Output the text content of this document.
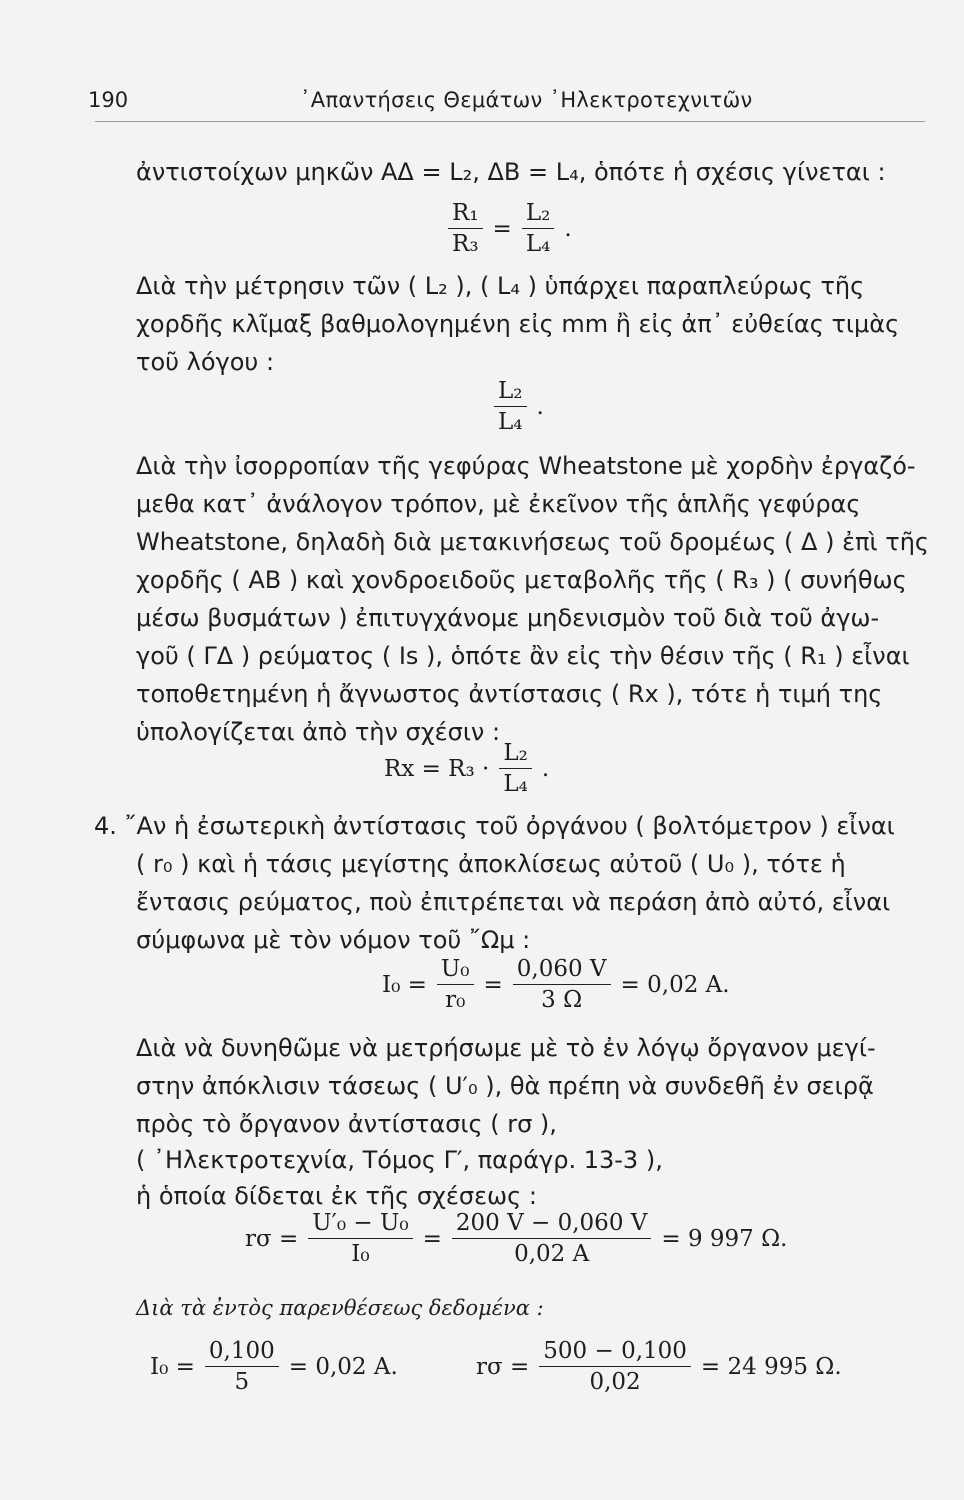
190	᾿Απαντήσεις Θεμάτων ᾿Ηλεκτροτεχνιτῶν
ἀντιστοίχων μηκῶν ΑΔ = L₂, ΔΒ = L₄, ὁπότε ἡ σχέσις γίνεται :
$\frac{\text{R₁}}{\text{R₃}} = \frac{\text{L₂}}{\text{L₄}}$ .
Διὰ τὴν μέτρησιν τῶν ( L₂ ), ( L₄ ) ὑπάρχει παραπλεύρως τῆς
χορδῆς κλῖμαξ βαθμολογημένη εἰς mm ἢ εἰς ἀπ᾿ εὐθείας τιμὰς
τοῦ λόγου :
$\frac{\text{L₂}}{\text{L₄}}$ .
Διὰ τὴν ἰσορροπίαν τῆς γεφύρας Wheatstone μὲ χορδὴν ἐργαζό-
μεθα κατ᾿ ἀνάλογον τρόπον, μὲ ἐκεῖνον τῆς ἁπλῆς γεφύρας
Wheatstone, δηλαδὴ διὰ μετακινήσεως τοῦ δρομέως ( Δ ) ἐπὶ τῆς
χορδῆς ( ΑΒ ) καὶ χονδροειδοῦς μεταβολῆς τῆς ( R₃ ) ( συνήθως
μέσω βυσμάτων ) ἐπιτυγχάνομε μηδενισμὸν τοῦ διὰ τοῦ ἀγω-
γοῦ ( ΓΔ ) ρεύματος ( Is ), ὁπότε ἂν εἰς τὴν θέσιν τῆς ( R₁ ) εἶναι
τοποθετημένη ἡ ἄγνωστος ἀντίστασις ( Rx ), τότε ἡ τιμή της
ὑπολογίζεται ἀπὸ τὴν σχέσιν :
$Rx = R_3 \cdot \frac{\text{L₂}}{\text{L₄}}$ .
4. ῎Αν ἡ ἐσωτερικὴ ἀντίστασις τοῦ ὀργάνου ( βολτόμετρον ) εἶναι
( r₀ ) καὶ ἡ τάσις μεγίστης ἀποκλίσεως αὐτοῦ ( U₀ ), τότε ἡ
ἔντασις ρεύματος, ποὺ ἐπιτρέπεται νὰ περάση ἀπὸ αὐτό, εἶναι
σύμφωνα μὲ τὸν νόμον τοῦ ῎Ωμ :
$I_0 = \frac{\text{U₀}}{\text{r₀}} = \frac{0,060 V}{3 \Omega} = 0,02$ A.
Διὰ νὰ δυνηθῶμε νὰ μετρήσωμε μὲ τὸ ἐν λόγῳ ὄργανον μεγί-
στην ἀπόκλισιν τάσεως ( U′₀ ), θὰ πρέπη νὰ συνδεθῆ ἐν σειρᾷ
πρὸς τὸ ὄργανον ἀντίστασις ( rσ ),
( ᾿Ηλεκτροτεχνία, Τόμος Γ′, παράγρ. 13-3 ),
ἡ ὁποία δίδεται ἐκ τῆς σχέσεως :
$r\sigma = \frac{\text{U′₀ − U₀}}{\text{I₀}} = \frac{200 V - 0,060 V}{0,02 A} = 9$ 997 Ω.
Διὰ τὰ ἐντὸς παρενθέσεως δεδομένα :
$I_0 = \frac{0,100}{5} = 0,02$ A.	$r\sigma = \frac{500 - 0,100}{0,02} = 24$ 995 Ω.
